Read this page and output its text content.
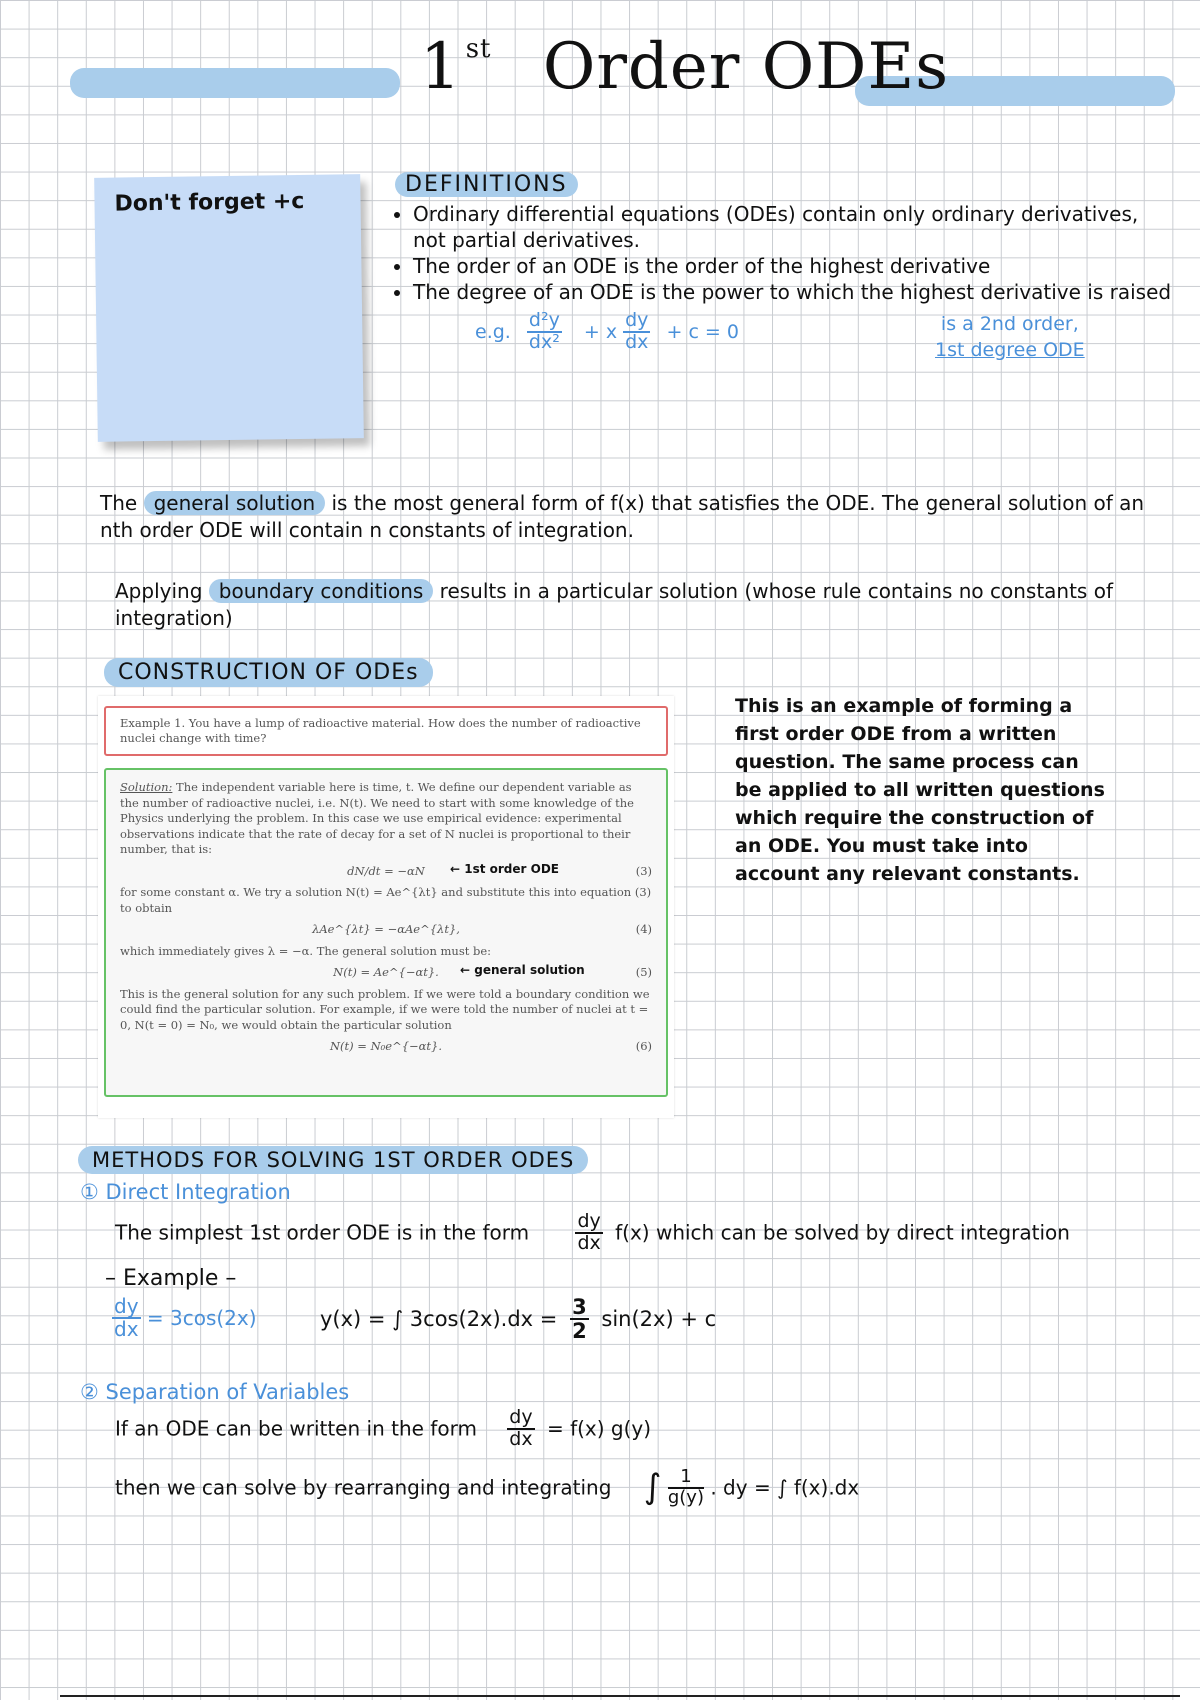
1 $^{st}$ Order ODEs
Don't forget +c
DEFINITIONS
• Ordinary differential equations (ODEs) contain only ordinary derivatives, not partial derivatives.
• The order of an ODE is the order of the highest derivative
• The degree of an ODE is the power to which the highest derivative is raised
e.g. $\frac{\text{d²y}}{\text{dx²}} + x \frac{dy}{dx} + c = 0$	is a 2nd order,
1st degree ODE
The general solution is the most general form of f(x) that satisfies the ODE. The general solution of an nth order ODE will contain n constants of integration.
Applying boundary conditions results in a particular solution (whose rule contains no constants of integration)
CONSTRUCTION OF ODEs
Example 1. You have a lump of radioactive material. How does the number of radioactive nuclei change with time?
Solution: The independent variable here is time, t. We define our dependent variable as the number of radioactive nuclei, i.e. N(t). We need to start with some knowledge of the Physics underlying the problem. In this case we use empirical evidence: experimental observations indicate that the rate of decay for a set of N nuclei is proportional to their number, that is:
dN/dt = −αN ← 1st order ODE	(3)
for some constant α. We try a solution N(t) = Ae^{λt} and substitute this into equation (3) to obtain
λAe^{λt} = −αAe^{λt},	(4)
which immediately gives λ = −α. The general solution must be:
N(t) = Ae^{−αt}. ← general solution	(5)
This is the general solution for any such problem. If we were told a boundary condition we could find the particular solution. For example, if we were told the number of nuclei at t = 0, N(t = 0) = N₀, we would obtain the particular solution
N(t) = N₀e^{−αt}.	(6)
This is an example of forming a first order ODE from a written question. The same process can be applied to all written questions which require the construction of an ODE. You must take into account any relevant constants.
METHODS FOR SOLVING 1ST ORDER ODES
① Direct Integration
The simplest 1st order ODE is in the form $\frac{dy}{dx} f(x)$ which can be solved by direct integration
– Example –
$\frac{dy}{dx} = 3\cos(2x)$	y(x) = ∫ $3\cos(2x).dx = \frac{3}{2} \sin(2x) + c$
② Separation of Variables
If an ODE can be written in the form $\frac{dy}{dx} = f(x)$ g(y)
then we can solve by rearranging and integrating ∫ $\frac{1}{g(y)}$ . dy = ∫ f(x).dx
